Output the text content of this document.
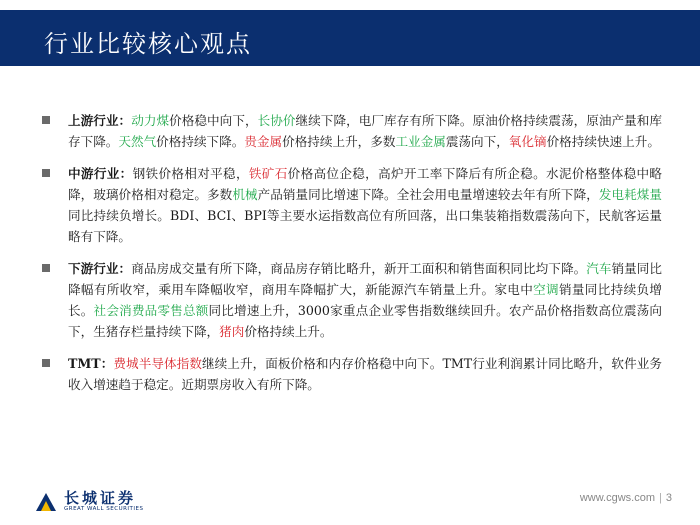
行业比较核心观点

上游行业：动力煤价格稳中向下，长协价继续下降，电厂库存有所下降。原油价格持续震荡，原油产量和库存下降。天然气价格持续下降。贵金属价格持续上升，多数工业金属震荡向下，氧化镝价格持续快速上升。

中游行业：钢铁价格相对平稳，铁矿石价格高位企稳，高炉开工率下降后有所企稳。水泥价格整体稳中略降，玻璃价格相对稳定。多数机械产品销量同比增速下降。全社会用电量增速较去年有所下降，发电耗煤量同比持续负增长。BDI、BCI、BPI等主要水运指数高位有所回落，出口集装箱指数震荡向下，民航客运量略有下降。

下游行业：商品房成交量有所下降，商品房存销比略升，新开工面积和销售面积同比均下降。汽车销量同比降幅有所收窄，乘用车降幅收窄，商用车降幅扩大，新能源汽车销量上升。家电中空调销量同比持续负增长。社会消费品零售总额同比增速上升，3000家重点企业零售指数继续回升。农产品价格指数高位震荡向下，生猪存栏量持续下降，猪肉价格持续上升。

TMT：费城半导体指数继续上升，面板价格和内存价格稳中向下。TMT行业利润累计同比略升，软件业务收入增速趋于稳定。近期票房收入有所下降。

长城证券
GREAT WALL SECURITIES
www.cgws.com | 3
